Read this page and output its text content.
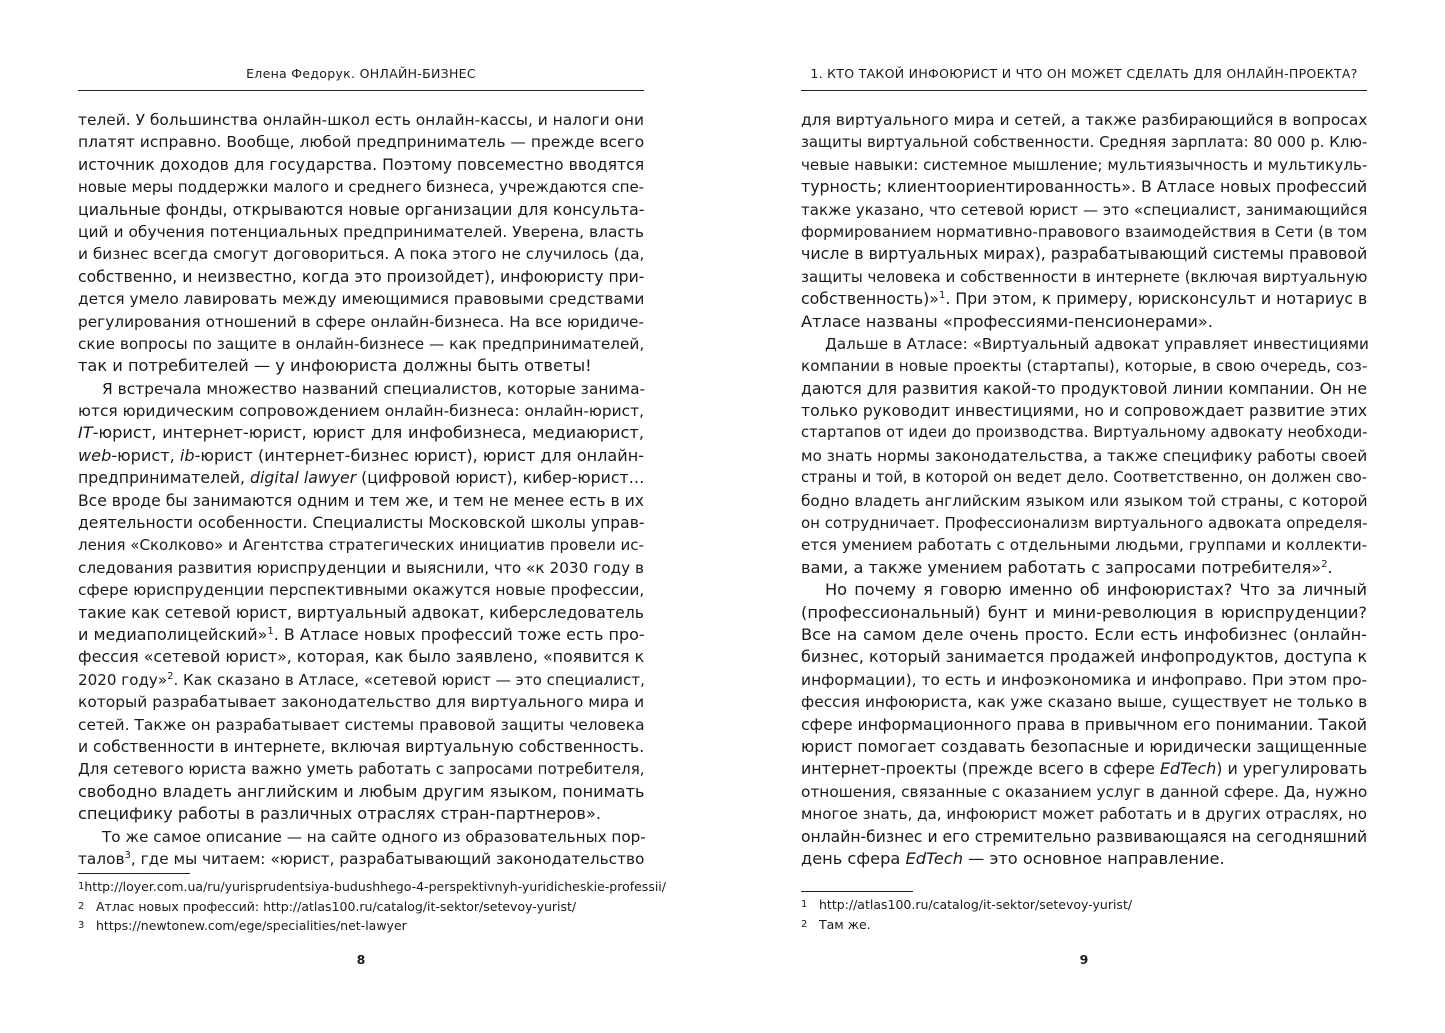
Елена Федорук. ОНЛАЙН-БИЗНЕС
телей. У большинства онлайн-школ есть онлайн-кассы, и налоги они
платят исправно. Вообще, любой предприниматель — прежде всего
источник доходов для государства. Поэтому повсеместно вводятся
новые меры поддержки малого и среднего бизнеса, учреждаются спе-
циальные фонды, открываются новые организации для консульта-
ций и обучения потенциальных предпринимателей. Уверена, власть
и бизнес всегда смогут договориться. А пока этого не случилось (да,
собственно, и неизвестно, когда это произойдет), инфоюристу при-
дется умело лавировать между имеющимися правовыми средствами
регулирования отношений в сфере онлайн-бизнеса. На все юридиче-
ские вопросы по защите в онлайн-бизнесе — как предпринимателей,
так и потребителей — у инфоюриста должны быть ответы!
Я встречала множество названий специалистов, которые занима-
ются юридическим сопровождением онлайн-бизнеса: онлайн-юрист,
IT-юрист, интернет-юрист, юрист для инфобизнеса, медиаюрист,
web-юрист, ib-юрист (интернет-бизнес юрист), юрист для онлайн-
предпринимателей, digital lawyer (цифровой юрист), кибер-юрист…
Все вроде бы занимаются одним и тем же, и тем не менее есть в их
деятельности особенности. Специалисты Московской школы управ-
ления «Сколково» и Агентства стратегических инициатив провели ис-
следования развития юриспруденции и выяснили, что «к 2030 году в
сфере юриспруденции перспективными окажутся новые профессии,
такие как сетевой юрист, виртуальный адвокат, киберследователь
и медиаполицейский»$^1$. В Атласе новых профессий тоже есть про-
фессия «сетевой юрист», которая, как было заявлено, «появится к
2020 году»$^2$. Как сказано в Атласе, «сетевой юрист — это специалист,
который разрабатывает законодательство для виртуального мира и
сетей. Также он разрабатывает системы правовой защиты человека
и собственности в интернете, включая виртуальную собственность.
Для сетевого юриста важно уметь работать с запросами потребителя,
свободно владеть английским и любым другим языком, понимать
специфику работы в различных отраслях стран-партнеров».
То же самое описание — на сайте одного из образовательных пор-
талов$^3$, где мы читаем: «юрист, разрабатывающий законодательство
1 http://loyer.com.ua/ru/yurisprudentsiya-budushhego-4-perspektivnyh-yuridicheskie-professii/
2 Атлас новых профессий: http://atlas100.ru/catalog/it-sektor/setevoy-yurist/
3 https://newtonew.com/ege/specialities/net-lawyer
8
1. КТО ТАКОЙ ИНФОЮРИСТ И ЧТО ОН МОЖЕТ СДЕЛАТЬ ДЛЯ ОНЛАЙН-ПРОЕКТА?
для виртуального мира и сетей, а также разбирающийся в вопросах
защиты виртуальной собственности. Средняя зарплата: 80 000 р. Клю-
чевые навыки: системное мышление; мультиязычность и мультикуль-
турность; клиентоориентированность». В Атласе новых профессий
также указано, что сетевой юрист — это «специалист, занимающийся
формированием нормативно-правового взаимодействия в Сети (в том
числе в виртуальных мирах), разрабатывающий системы правовой
защиты человека и собственности в интернете (включая виртуальную
собственность)»$^1$. При этом, к примеру, юрисконсульт и нотариус в
Атласе названы «профессиями-пенсионерами».
Дальше в Атласе: «Виртуальный адвокат управляет инвестициями
компании в новые проекты (стартапы), которые, в свою очередь, соз-
даются для развития какой-то продуктовой линии компании. Он не
только руководит инвестициями, но и сопровождает развитие этих
стартапов от идеи до производства. Виртуальному адвокату необходи-
мо знать нормы законодательства, а также специфику работы своей
страны и той, в которой он ведет дело. Соответственно, он должен сво-
бодно владеть английским языком или языком той страны, с которой
он сотрудничает. Профессионализм виртуального адвоката определя-
ется умением работать с отдельными людьми, группами и коллекти-
вами, а также умением работать с запросами потребителя»$^2$.
Но почему я говорю именно об инфоюристах? Что за личный
(профессиональный) бунт и мини-революция в юриспруденции?
Все на самом деле очень просто. Если есть инфобизнес (онлайн-
бизнес, который занимается продажей инфопродуктов, доступа к
информации), то есть и инфоэкономика и инфоправо. При этом про-
фессия инфоюриста, как уже сказано выше, существует не только в
сфере информационного права в привычном его понимании. Такой
юрист помогает создавать безопасные и юридически защищенные
интернет-проекты (прежде всего в сфере EdTech) и урегулировать
отношения, связанные с оказанием услуг в данной сфере. Да, нужно
многое знать, да, инфоюрист может работать и в других отраслях, но
онлайн-бизнес и его стремительно развивающаяся на сегодняшний
день сфера EdTech — это основное направление.
1 http://atlas100.ru/catalog/it-sektor/setevoy-yurist/
2 Там же.
9
